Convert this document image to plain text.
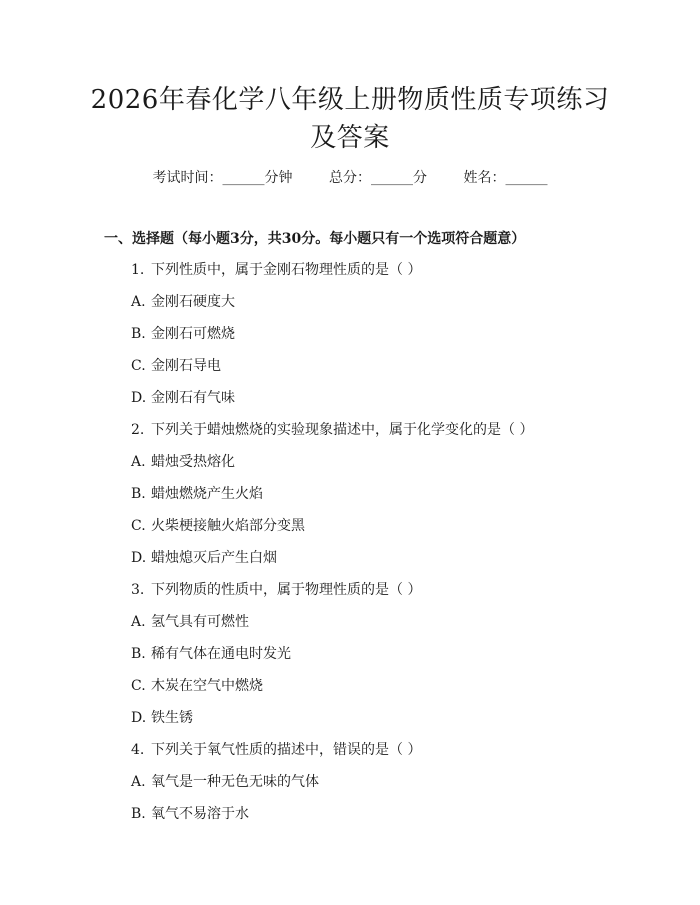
2026年春化学八年级上册物质性质专项练习
及答案
考试时间：______分钟	总分：______分	姓名：______
一、选择题（每小题3分，共30分。每小题只有一个选项符合题意）
1. 下列性质中，属于金刚石物理性质的是（ ）
A. 金刚石硬度大
B. 金刚石可燃烧
C. 金刚石导电
D. 金刚石有气味
2. 下列关于蜡烛燃烧的实验现象描述中，属于化学变化的是（ ）
A. 蜡烛受热熔化
B. 蜡烛燃烧产生火焰
C. 火柴梗接触火焰部分变黑
D. 蜡烛熄灭后产生白烟
3. 下列物质的性质中，属于物理性质的是（ ）
A. 氢气具有可燃性
B. 稀有气体在通电时发光
C. 木炭在空气中燃烧
D. 铁生锈
4. 下列关于氧气性质的描述中，错误的是（ ）
A. 氧气是一种无色无味的气体
B. 氧气不易溶于水
